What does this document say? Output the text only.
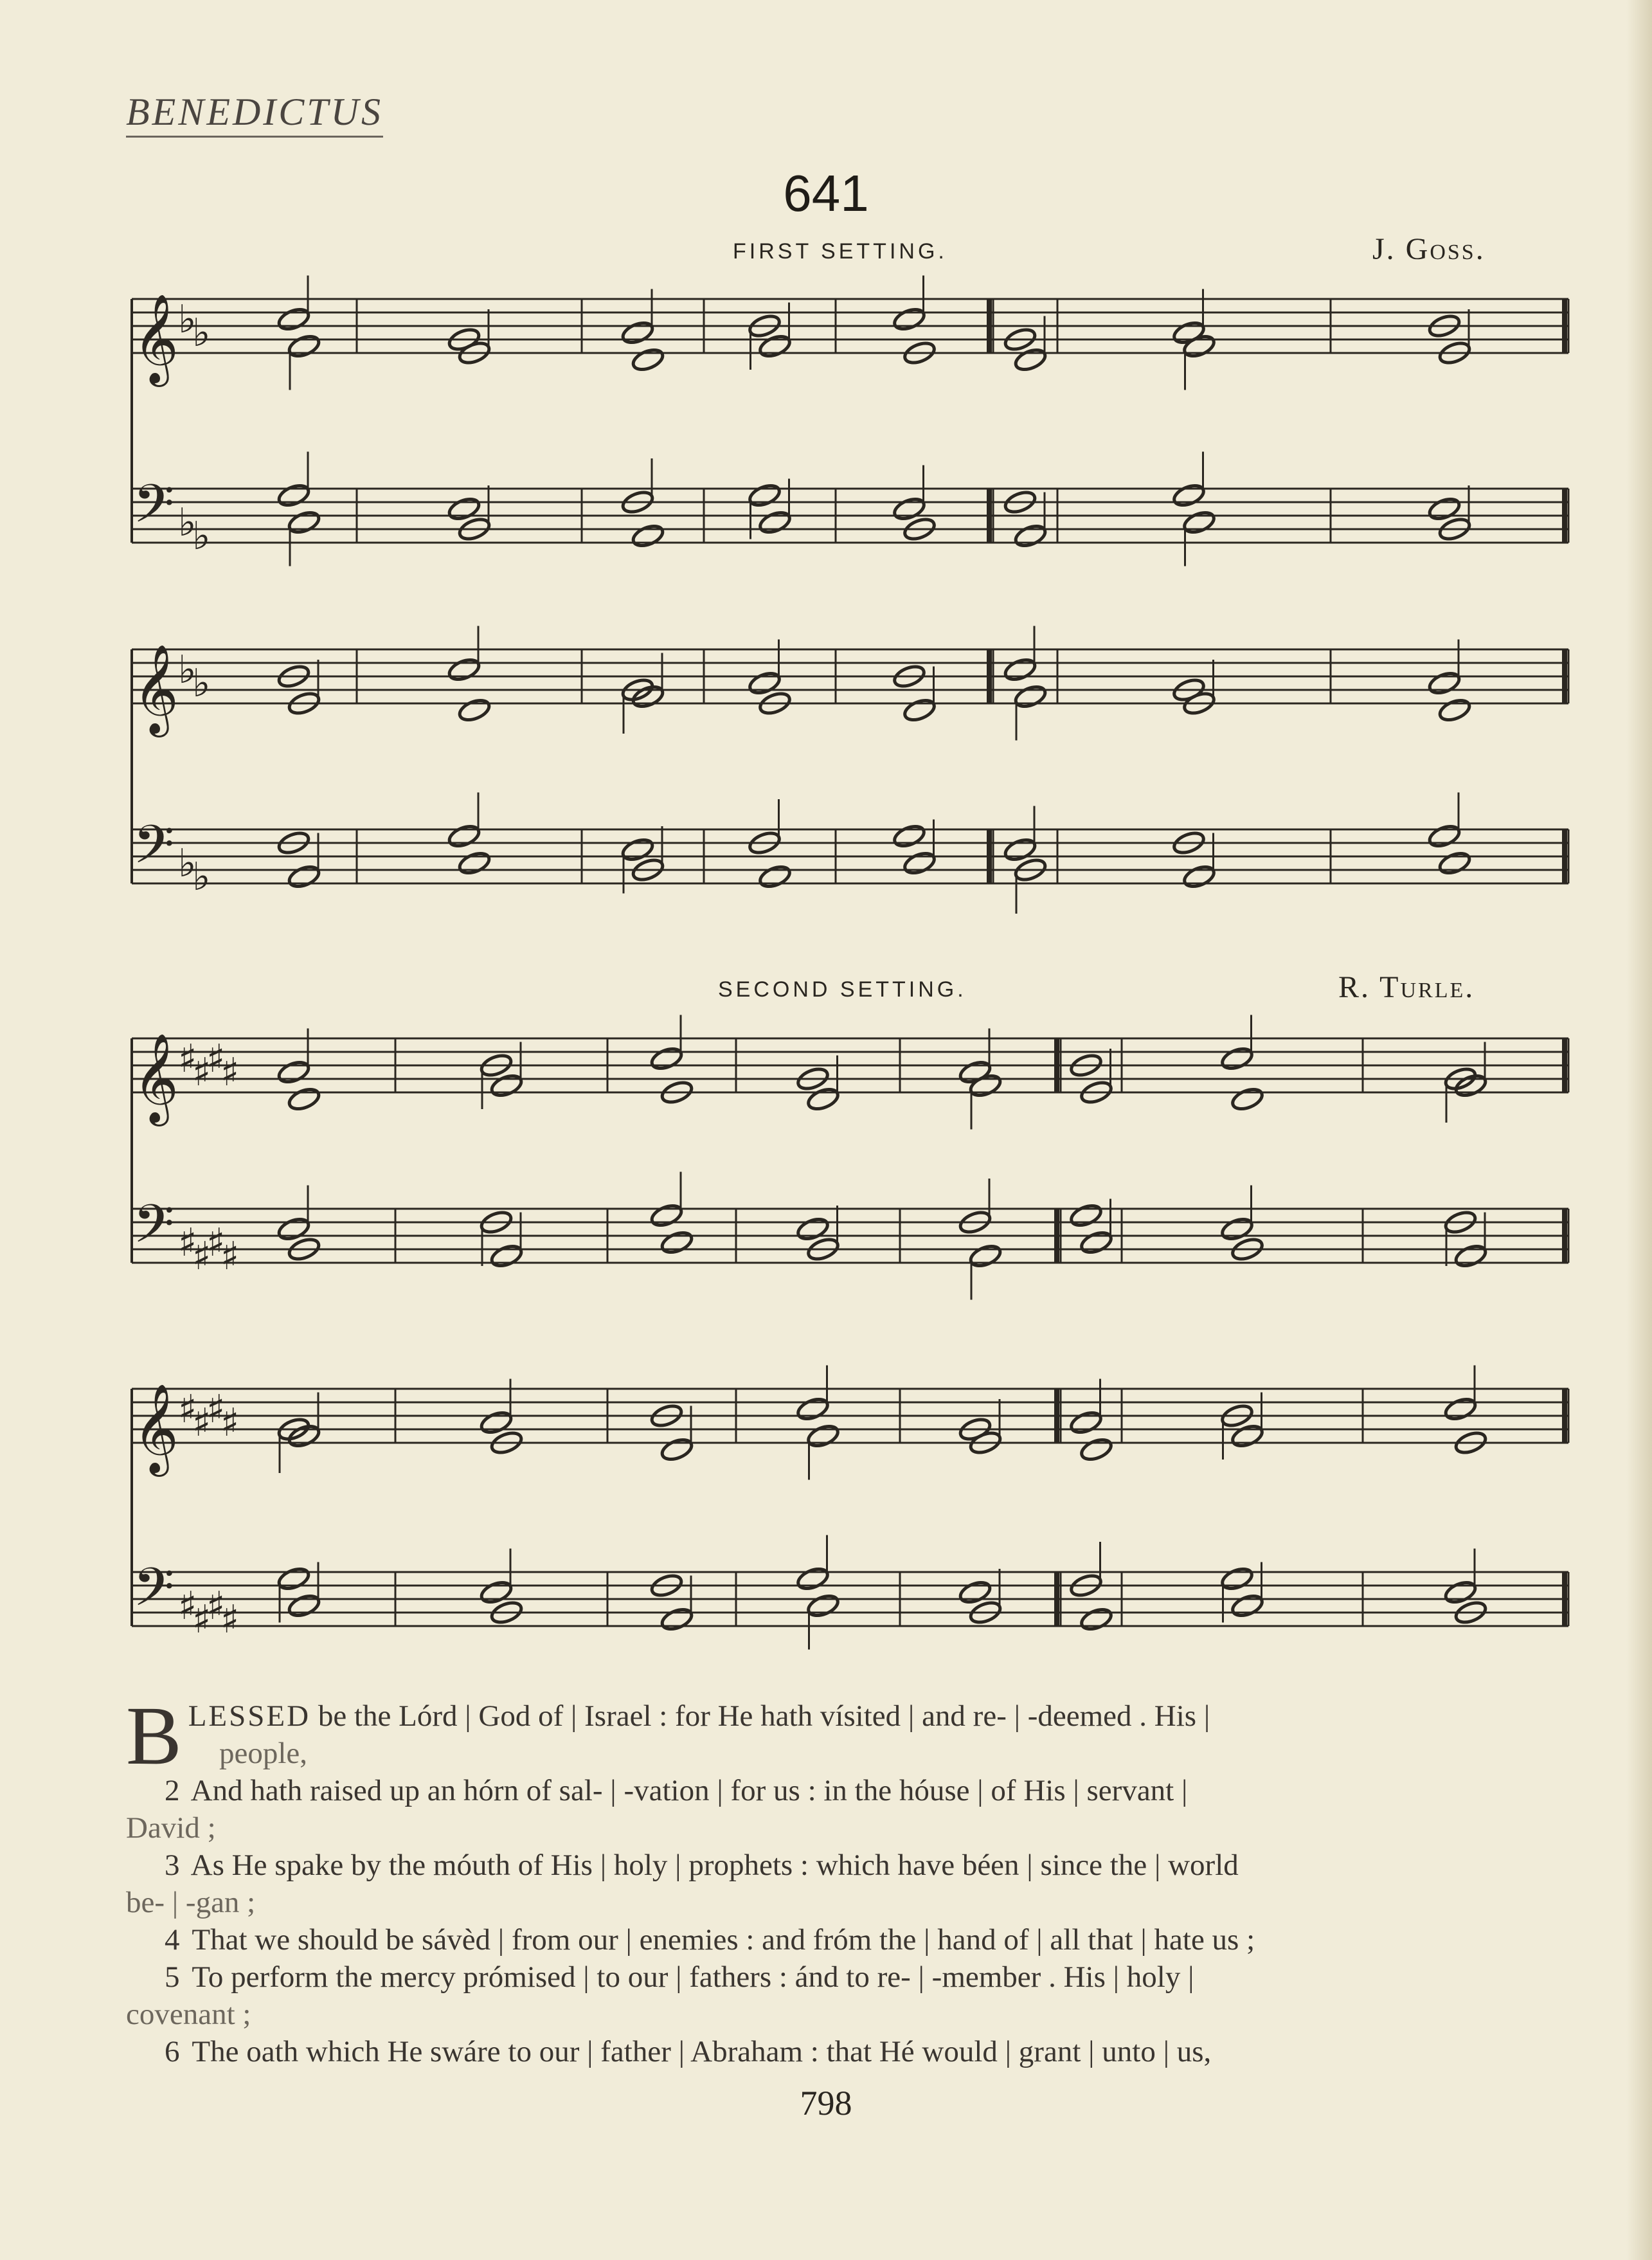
BENEDICTUS
641
FIRST SETTING.	J. Goss.
SECOND SETTING.	R. Turle.
𝄞
𝄢
♭
♭
♭
♭
𝄞
𝄢
♭
♭
♭
♭
𝄞
𝄢
♯
♯
♯
♯
♯
♯
♯
♯
𝄞
𝄢
♯
♯
♯
♯
♯
♯
♯
♯

B LESSED be the Lórd | God of | Israel : for He hath vísited | and re- | -deemed . His |
people,

2 And hath raised up an hórn of sal- | -vation | for us : in the hóuse | of His | servant |

David ;

3 As He spake by the móuth of His | holy | prophets : which have béen | since the | world

be- | -gan ;

4 That we should be sávèd | from our | enemies : and fróm the | hand of | all that | hate us ;

5 To perform the mercy prómised | to our | fathers : ánd to re- | -member . His | holy |

covenant ;

6 The oath which He swáre to our | father | Abraham : that Hé would | grant | unto | us,

798
